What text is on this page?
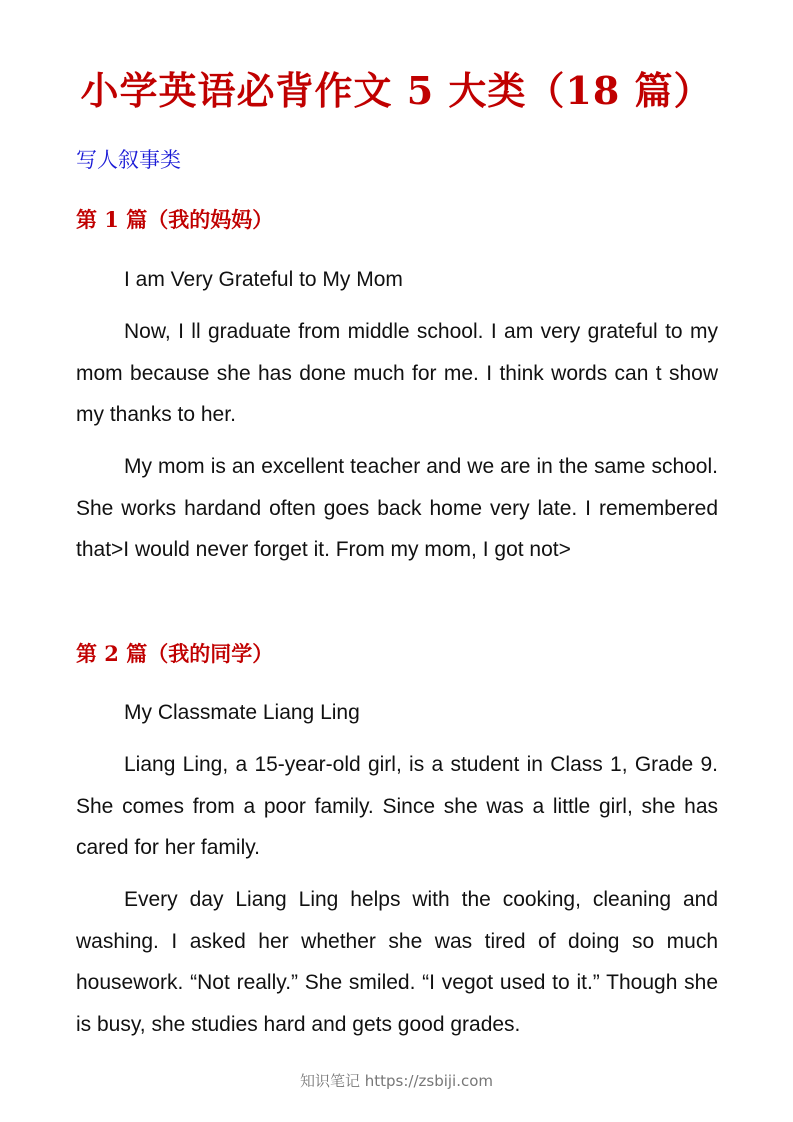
小学英语必背作文 5 大类（18 篇）
写人叙事类
第 1 篇（我的妈妈）
I am Very Grateful to My Mom
Now, I ll graduate from middle school. I am very grateful to my mom because she has done much for me. I think words can t show my thanks to her.
My mom is an excellent teacher and we are in the same school. She works hardand often goes back home very late. I remembered that>I would never forget it. From my mom, I got not>
第 2 篇（我的同学）
My Classmate Liang Ling
Liang Ling, a 15-year-old girl, is a student in Class 1, Grade 9. She comes from a poor family. Since she was a little girl, she has cared for her family.
Every day Liang Ling helps with the cooking, cleaning and washing. I asked her whether she was tired of doing so much housework. “Not really.” She smiled. “I vegot used to it.” Though she is busy, she studies hard and gets good grades.
知识笔记 https://zsbiji.com
